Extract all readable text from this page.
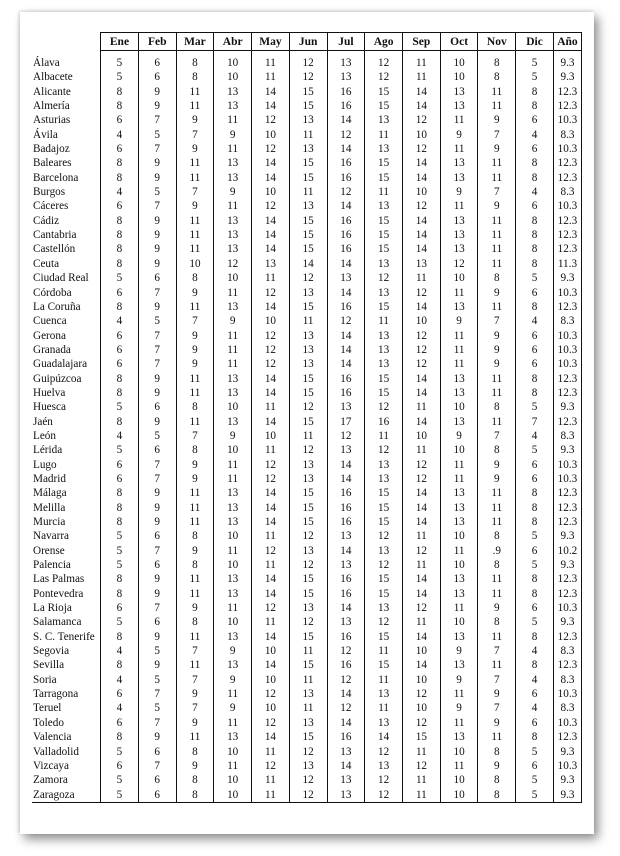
	Ene	Feb	Mar	Abr	May	Jun	Jul	Ago	Sep	Oct	Nov	Dic	Año
Álava	5	6	8	10	11	12	13	12	11	10	8	5	9.3
Albacete	5	6	8	10	11	12	13	12	11	10	8	5	9.3
Alicante	8	9	11	13	14	15	16	15	14	13	11	8	12.3
Almería	8	9	11	13	14	15	16	15	14	13	11	8	12.3
Asturias	6	7	9	11	12	13	14	13	12	11	9	6	10.3
Ávila	4	5	7	9	10	11	12	11	10	9	7	4	8.3
Badajoz	6	7	9	11	12	13	14	13	12	11	9	6	10.3
Baleares	8	9	11	13	14	15	16	15	14	13	11	8	12.3
Barcelona	8	9	11	13	14	15	16	15	14	13	11	8	12.3
Burgos	4	5	7	9	10	11	12	11	10	9	7	4	8.3
Cáceres	6	7	9	11	12	13	14	13	12	11	9	6	10.3
Cádiz	8	9	11	13	14	15	16	15	14	13	11	8	12.3
Cantabria	8	9	11	13	14	15	16	15	14	13	11	8	12.3
Castellón	8	9	11	13	14	15	16	15	14	13	11	8	12.3
Ceuta	8	9	10	12	13	14	14	13	13	12	11	8	11.3
Ciudad Real	5	6	8	10	11	12	13	12	11	10	8	5	9.3
Córdoba	6	7	9	11	12	13	14	13	12	11	9	6	10.3
La Coruña	8	9	11	13	14	15	16	15	14	13	11	8	12.3
Cuenca	4	5	7	9	10	11	12	11	10	9	7	4	8.3
Gerona	6	7	9	11	12	13	14	13	12	11	9	6	10.3
Granada	6	7	9	11	12	13	14	13	12	11	9	6	10.3
Guadalajara	6	7	9	11	12	13	14	13	12	11	9	6	10.3
Guipúzcoa	8	9	11	13	14	15	16	15	14	13	11	8	12.3
Huelva	8	9	11	13	14	15	16	15	14	13	11	8	12.3
Huesca	5	6	8	10	11	12	13	12	11	10	8	5	9.3
Jaén	8	9	11	13	14	15	17	16	14	13	11	7	12.3
León	4	5	7	9	10	11	12	11	10	9	7	4	8.3
Lérida	5	6	8	10	11	12	13	12	11	10	8	5	9.3
Lugo	6	7	9	11	12	13	14	13	12	11	9	6	10.3
Madrid	6	7	9	11	12	13	14	13	12	11	9	6	10.3
Málaga	8	9	11	13	14	15	16	15	14	13	11	8	12.3
Melilla	8	9	11	13	14	15	16	15	14	13	11	8	12.3
Murcia	8	9	11	13	14	15	16	15	14	13	11	8	12.3
Navarra	5	6	8	10	11	12	13	12	11	10	8	5	9.3
Orense	5	7	9	11	12	13	14	13	12	11	.9	6	10.2
Palencia	5	6	8	10	11	12	13	12	11	10	8	5	9.3
Las Palmas	8	9	11	13	14	15	16	15	14	13	11	8	12.3
Pontevedra	8	9	11	13	14	15	16	15	14	13	11	8	12.3
La Rioja	6	7	9	11	12	13	14	13	12	11	9	6	10.3
Salamanca	5	6	8	10	11	12	13	12	11	10	8	5	9.3
S. C. Tenerife	8	9	11	13	14	15	16	15	14	13	11	8	12.3
Segovia	4	5	7	9	10	11	12	11	10	9	7	4	8.3
Sevilla	8	9	11	13	14	15	16	15	14	13	11	8	12.3
Soria	4	5	7	9	10	11	12	11	10	9	7	4	8.3
Tarragona	6	7	9	11	12	13	14	13	12	11	9	6	10.3
Teruel	4	5	7	9	10	11	12	11	10	9	7	4	8.3
Toledo	6	7	9	11	12	13	14	13	12	11	9	6	10.3
Valencia	8	9	11	13	14	15	16	14	15	13	11	8	12.3
Valladolid	5	6	8	10	11	12	13	12	11	10	8	5	9.3
Vizcaya	6	7	9	11	12	13	14	13	12	11	9	6	10.3
Zamora	5	6	8	10	11	12	13	12	11	10	8	5	9.3
Zaragoza	5	6	8	10	11	12	13	12	11	10	8	5	9.3
